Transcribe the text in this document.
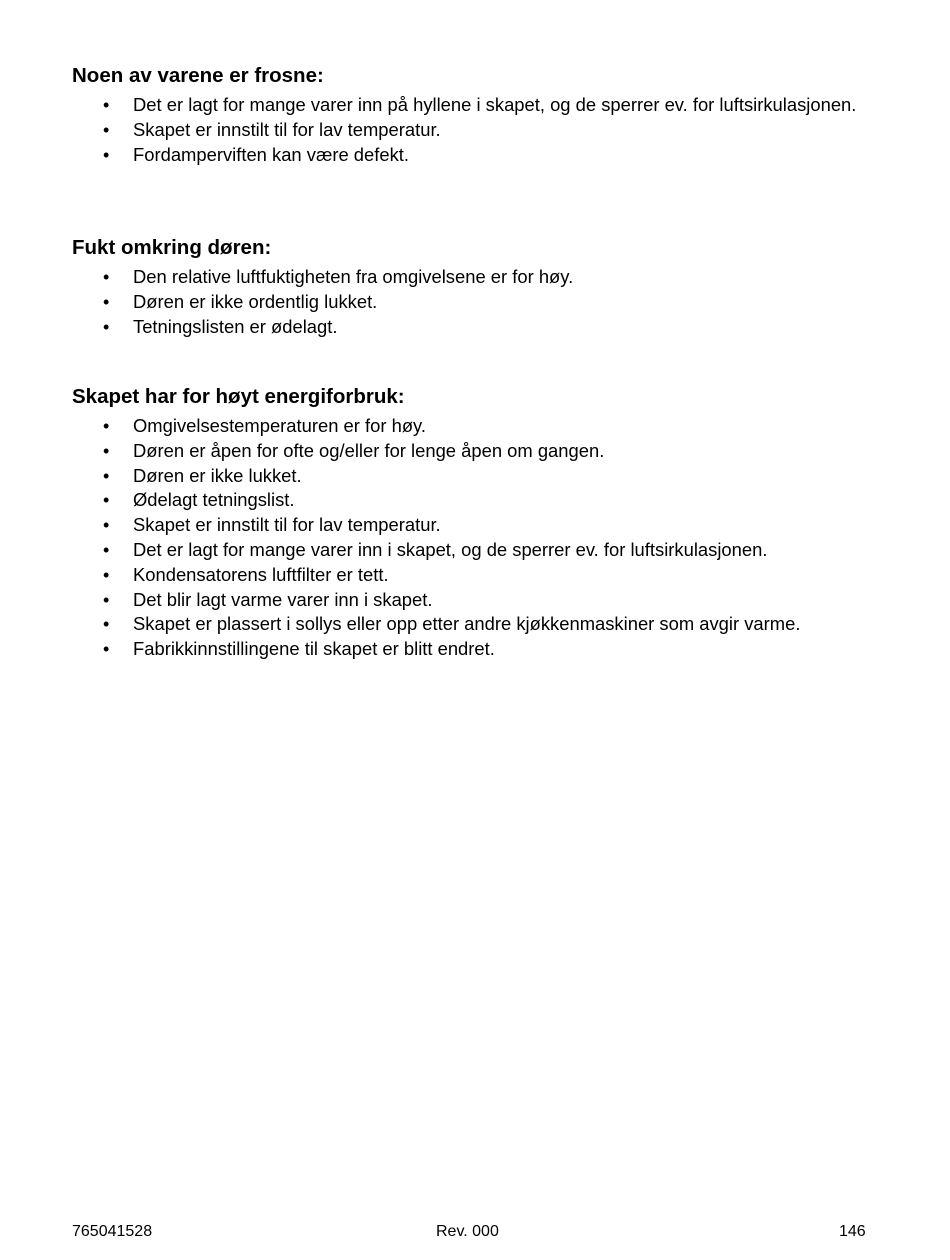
Noen av varene er frosne:
• Det er lagt for mange varer inn på hyllene i skapet, og de sperrer ev. for luftsirkulasjonen.
• Skapet er innstilt til for lav temperatur.
• Fordamperviften kan være defekt.
Fukt omkring døren:
• Den relative luftfuktigheten fra omgivelsene er for høy.
• Døren er ikke ordentlig lukket.
• Tetningslisten er ødelagt.
Skapet har for høyt energiforbruk:
• Omgivelsestemperaturen er for høy.
• Døren er åpen for ofte og/eller for lenge åpen om gangen.
• Døren er ikke lukket.
• Ødelagt tetningslist.
• Skapet er innstilt til for lav temperatur.
• Det er lagt for mange varer inn i skapet, og de sperrer ev. for luftsirkulasjonen.
• Kondensatorens luftfilter er tett.
• Det blir lagt varme varer inn i skapet.
• Skapet er plassert i sollys eller opp etter andre kjøkkenmaskiner som avgir varme.
• Fabrikkinnstillingene til skapet er blitt endret.
765041528	Rev. 000	146
